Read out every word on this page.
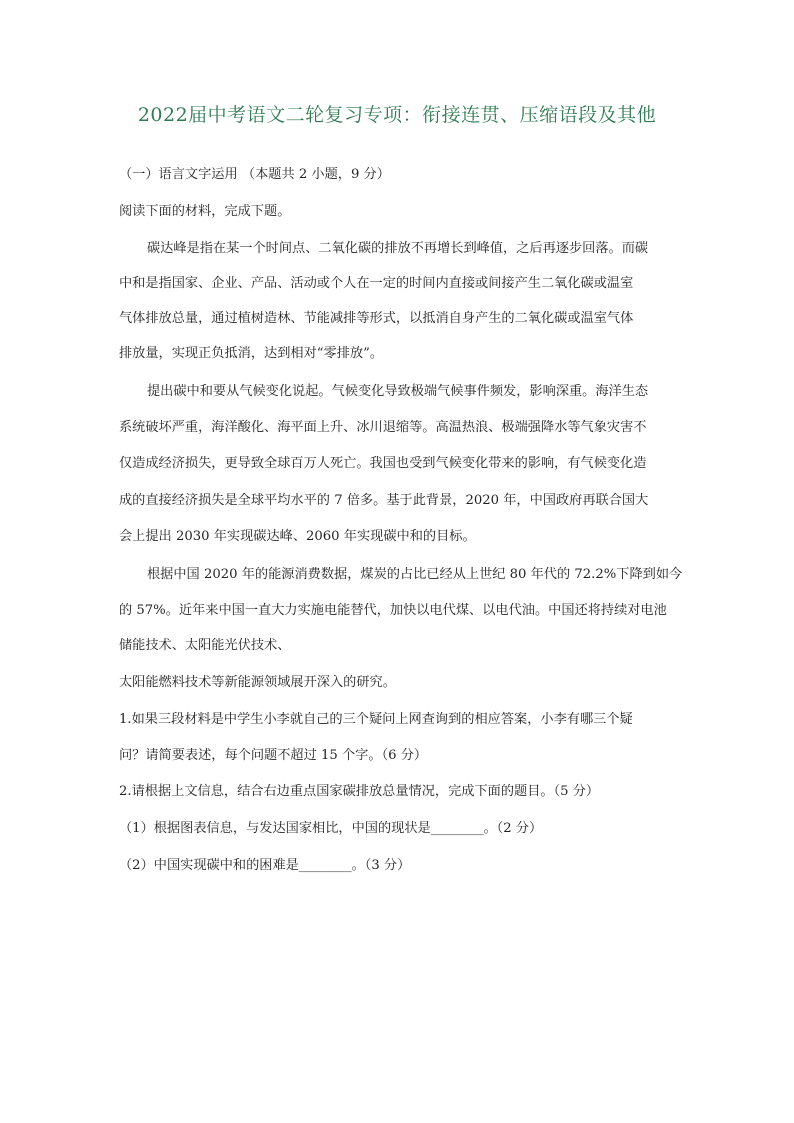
2022届中考语文二轮复习专项：衔接连贯、压缩语段及其他
（一）语言文字运用 （本题共 2 小题，9 分）
阅读下面的材料，完成下题。
碳达峰是指在某一个时间点、二氧化碳的排放不再增长到峰值，之后再逐步回落。而碳
中和是指国家、企业、产品、活动或个人在一定的时间内直接或间接产生二氧化碳或温室
气体排放总量，通过植树造林、节能减排等形式，以抵消自身产生的二氧化碳或温室气体
排放量，实现正负抵消，达到相对“零排放”。
提出碳中和要从气候变化说起。气候变化导致极端气候事件频发，影响深重。海洋生态
系统破坏严重，海洋酸化、海平面上升、冰川退缩等。高温热浪、极端强降水等气象灾害不
仅造成经济损失，更导致全球百万人死亡。我国也受到气候变化带来的影响，有气候变化造
成的直接经济损失是全球平均水平的 7 倍多。基于此背景，2020 年，中国政府再联合国大
会上提出 2030 年实现碳达峰、2060 年实现碳中和的目标。
根据中国 2020 年的能源消费数据，煤炭的占比已经从上世纪 80 年代的 72.2%下降到如今
的 57%。近年来中国一直大力实施电能替代，加快以电代煤、以电代油。中国还将持续对电池
储能技术、太阳能光伏技术、
太阳能燃料技术等新能源领域展开深入的研究。
1.如果三段材料是中学生小李就自己的三个疑问上网查询到的相应答案，小李有哪三个疑
问？请简要表述，每个问题不超过 15 个字。（6 分）
2.请根据上文信息，结合右边重点国家碳排放总量情况，完成下面的题目。（5 分）
（1）根据图表信息，与发达国家相比，中国的现状是________。（2 分）
（2）中国实现碳中和的困难是________。（3 分）
